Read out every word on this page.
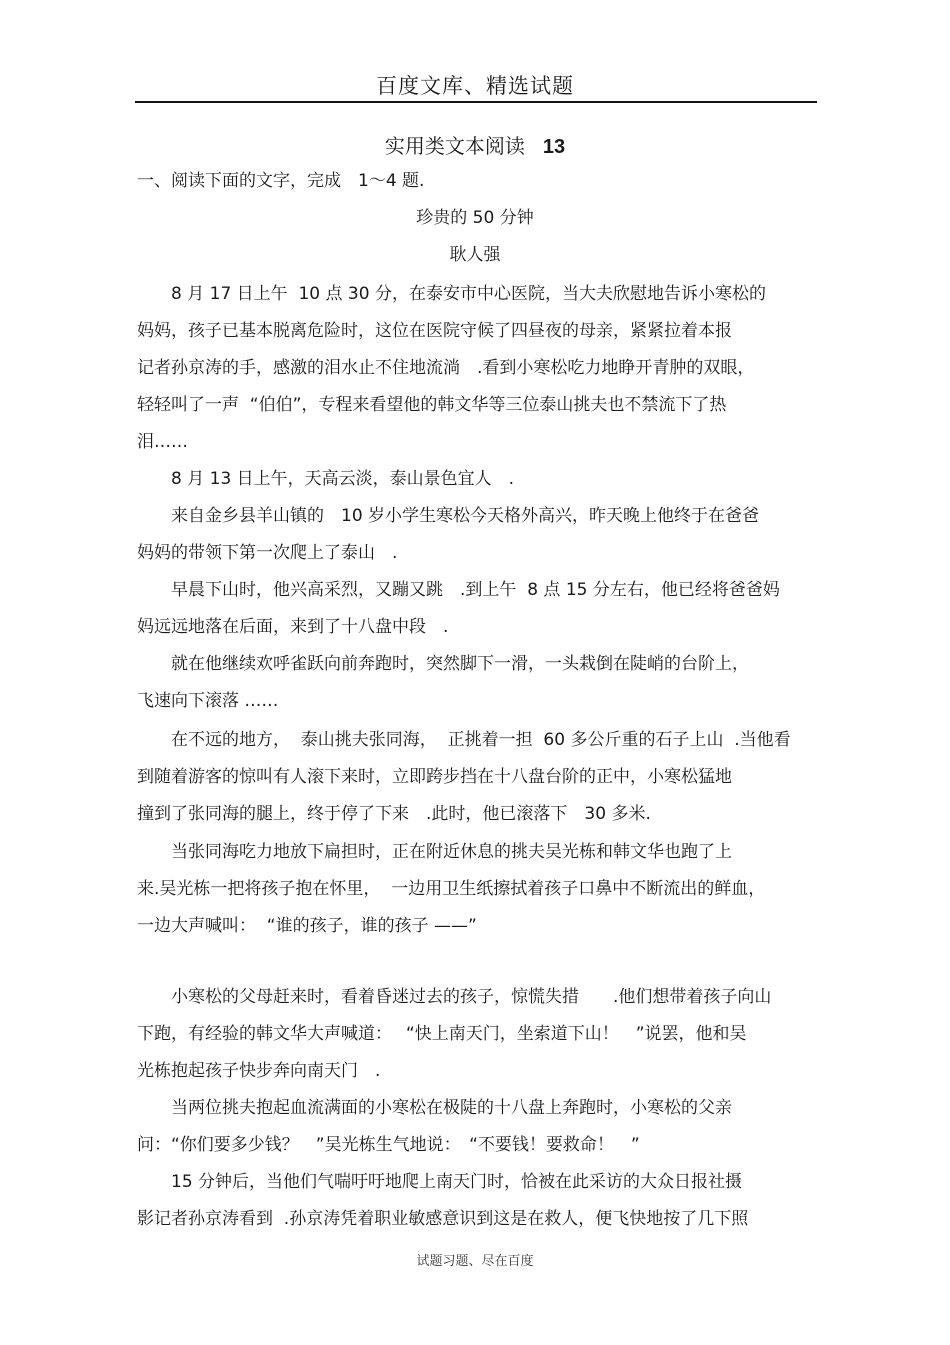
百度文库、精选试题
实用类文本阅读 13
一、阅读下面的文字，完成　1～4 题.
珍贵的 50 分钟
耿人强
　　8 月 17 日上午  10 点 30 分，在泰安市中心医院，当大夫欣慰地告诉小寒松的
妈妈，孩子已基本脱离危险时，这位在医院守候了四昼夜的母亲，紧紧拉着本报
记者孙京涛的手，感激的泪水止不住地流淌　.看到小寒松吃力地睁开青肿的双眼，
轻轻叫了一声  “伯伯”，专程来看望他的韩文华等三位泰山挑夫也不禁流下了热
泪……
　　8 月 13 日上午，天高云淡，泰山景色宜人　.
　　来自金乡县羊山镇的　10 岁小学生寒松今天格外高兴，昨天晚上他终于在爸爸
妈妈的带领下第一次爬上了泰山　.
　　早晨下山时，他兴高采烈，又蹦又跳　.到上午  8 点 15 分左右，他已经将爸爸妈
妈远远地落在后面，来到了十八盘中段　.
　　就在他继续欢呼雀跃向前奔跑时，突然脚下一滑，一头栽倒在陡峭的台阶上，
飞速向下滚落 ……
　　在不远的地方，  泰山挑夫张同海，  正挑着一担  60 多公斤重的石子上山  .当他看
到随着游客的惊叫有人滚下来时，立即跨步挡在十八盘台阶的正中，小寒松猛地
撞到了张同海的腿上，终于停了下来　.此时，他已滚落下　30 多米.
　　当张同海吃力地放下扁担时，正在附近休息的挑夫吴光栋和韩文华也跑了上
来.吴光栋一把将孩子抱在怀里，  一边用卫生纸擦拭着孩子口鼻中不断流出的鲜血，
一边大声喊叫：  “谁的孩子，谁的孩子 ——”
　　小寒松的父母赶来时，看着昏迷过去的孩子，惊慌失措　　.他们想带着孩子向山
下跑，有经验的韩文华大声喊道：　 “快上南天门，坐索道下山！　”说罢，他和吴
光栋抱起孩子快步奔向南天门　.
　　当两位挑夫抱起血流满面的小寒松在极陡的十八盘上奔跑时，小寒松的父亲
问：“你们要多少钱？　”吴光栋生气地说：　“不要钱！要救命！　”
　　15 分钟后，当他们气喘吁吁地爬上南天门时，恰被在此采访的大众日报社摄
影记者孙京涛看到  .孙京涛凭着职业敏感意识到这是在救人，便飞快地按了几下照
试题习题、尽在百度
